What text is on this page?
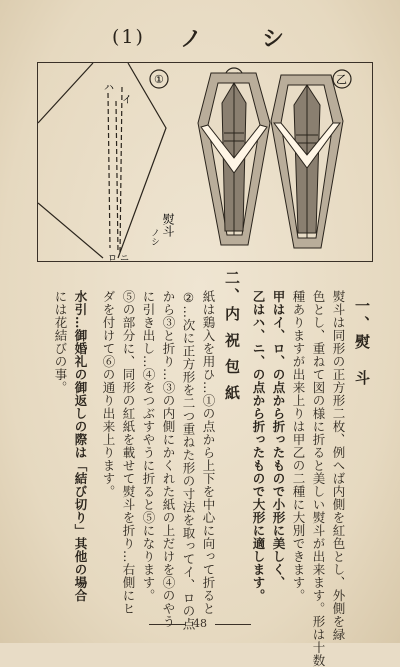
(1) ノ	シ
ハ
イ
ロ ニ
熨斗
ノシ
①	乙
一、熨　斗
熨斗は同形の正方形二枚、例へば内側を紅色とし、外側を緑
色とし、重ねて図の様に折ると美しい熨斗が出来ます。形は十数
種ありますが出来上りは甲乙の二種に大別できます。
甲はイ、ロ、の点から折ったもので小形に美しく、
乙はハ、ニ、の点から折ったもので大形に適します。
二、内 祝 包 紙
紙は鶏入を用ひ…①の点から上下を中心に向って折ると
②…次に正方形を二つ重ねた形の寸法を取ってイ、ロの点
から③と折り…③の内側にかくれた紙の上だけを④のやう
に引き出し…④をつぶすやうに折ると⑤になります。
⑤の部分に、同形の紅紙を載せて熨斗を折り…右側にヒ
ダを付けて⑥の通り出来上ります。
水引…御婚礼の御返しの際は「結び切り」其他の場合
には花結びの事。
48
